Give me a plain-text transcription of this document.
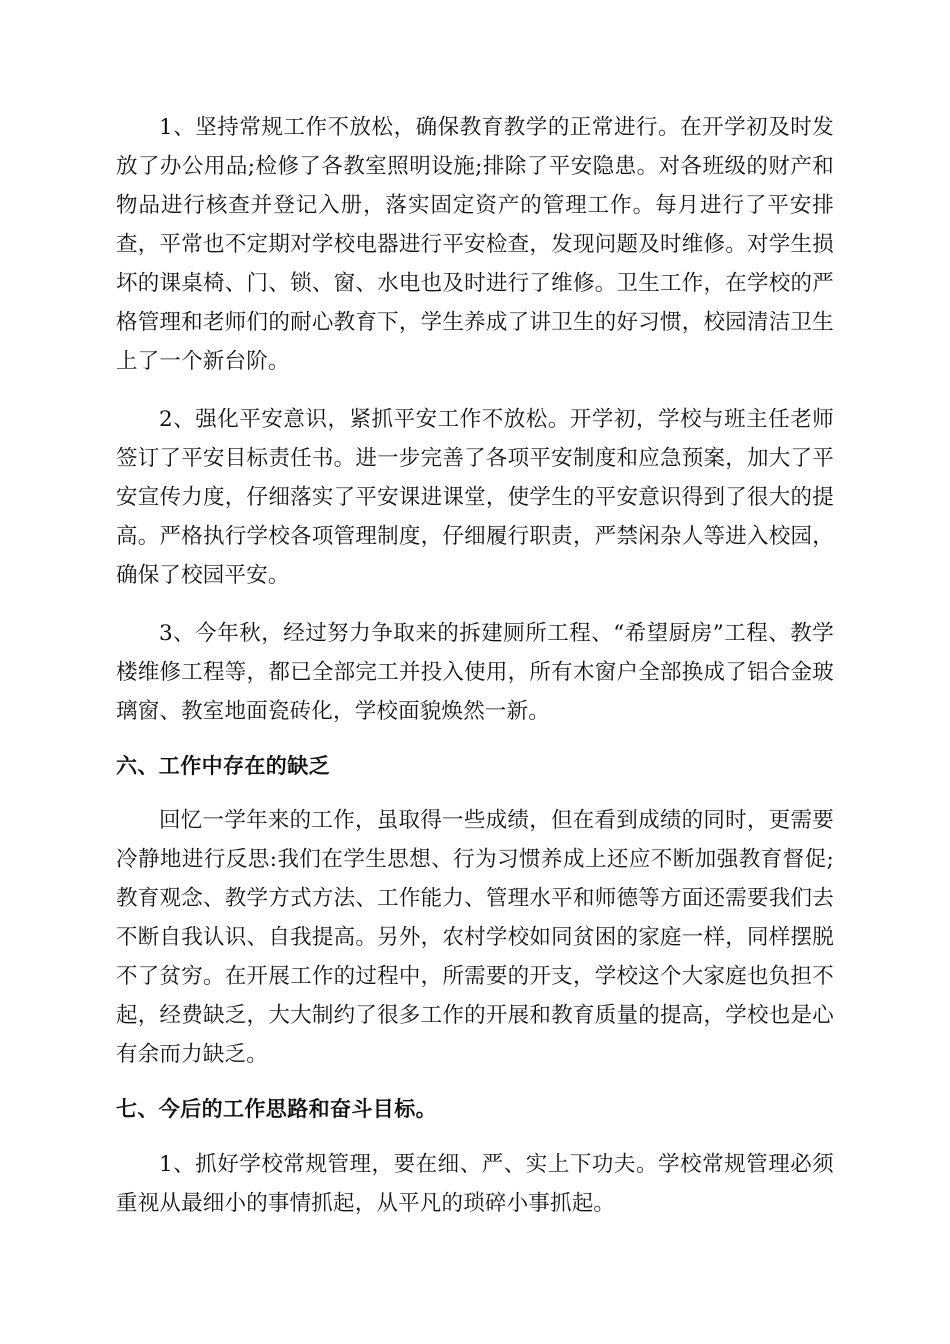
1、坚持常规工作不放松，确保教育教学的正常进行。在开学初及时发放了办公用品;检修了各教室照明设施;排除了平安隐患。对各班级的财产和物品进行核查并登记入册，落实固定资产的管理工作。每月进行了平安排查，平常也不定期对学校电器进行平安检查，发现问题及时维修。对学生损坏的课桌椅、门、锁、窗、水电也及时进行了维修。卫生工作，在学校的严格管理和老师们的耐心教育下，学生养成了讲卫生的好习惯，校园清洁卫生上了一个新台阶。

2、强化平安意识，紧抓平安工作不放松。开学初，学校与班主任老师签订了平安目标责任书。进一步完善了各项平安制度和应急预案，加大了平安宣传力度，仔细落实了平安课进课堂，使学生的平安意识得到了很大的提高。严格执行学校各项管理制度，仔细履行职责，严禁闲杂人等进入校园，确保了校园平安。

3、今年秋，经过努力争取来的拆建厕所工程、“希望厨房”工程、教学楼维修工程等，都已全部完工并投入使用，所有木窗户全部换成了铝合金玻璃窗、教室地面瓷砖化，学校面貌焕然一新。

六、工作中存在的缺乏

回忆一学年来的工作，虽取得一些成绩，但在看到成绩的同时，更需要冷静地进行反思:我们在学生思想、行为习惯养成上还应不断加强教育督促;教育观念、教学方式方法、工作能力、管理水平和师德等方面还需要我们去不断自我认识、自我提高。另外，农村学校如同贫困的家庭一样，同样摆脱不了贫穷。在开展工作的过程中，所需要的开支，学校这个大家庭也负担不起，经费缺乏，大大制约了很多工作的开展和教育质量的提高，学校也是心有余而力缺乏。

七、今后的工作思路和奋斗目标。

1、抓好学校常规管理，要在细、严、实上下功夫。学校常规管理必须重视从最细小的事情抓起，从平凡的琐碎小事抓起。
